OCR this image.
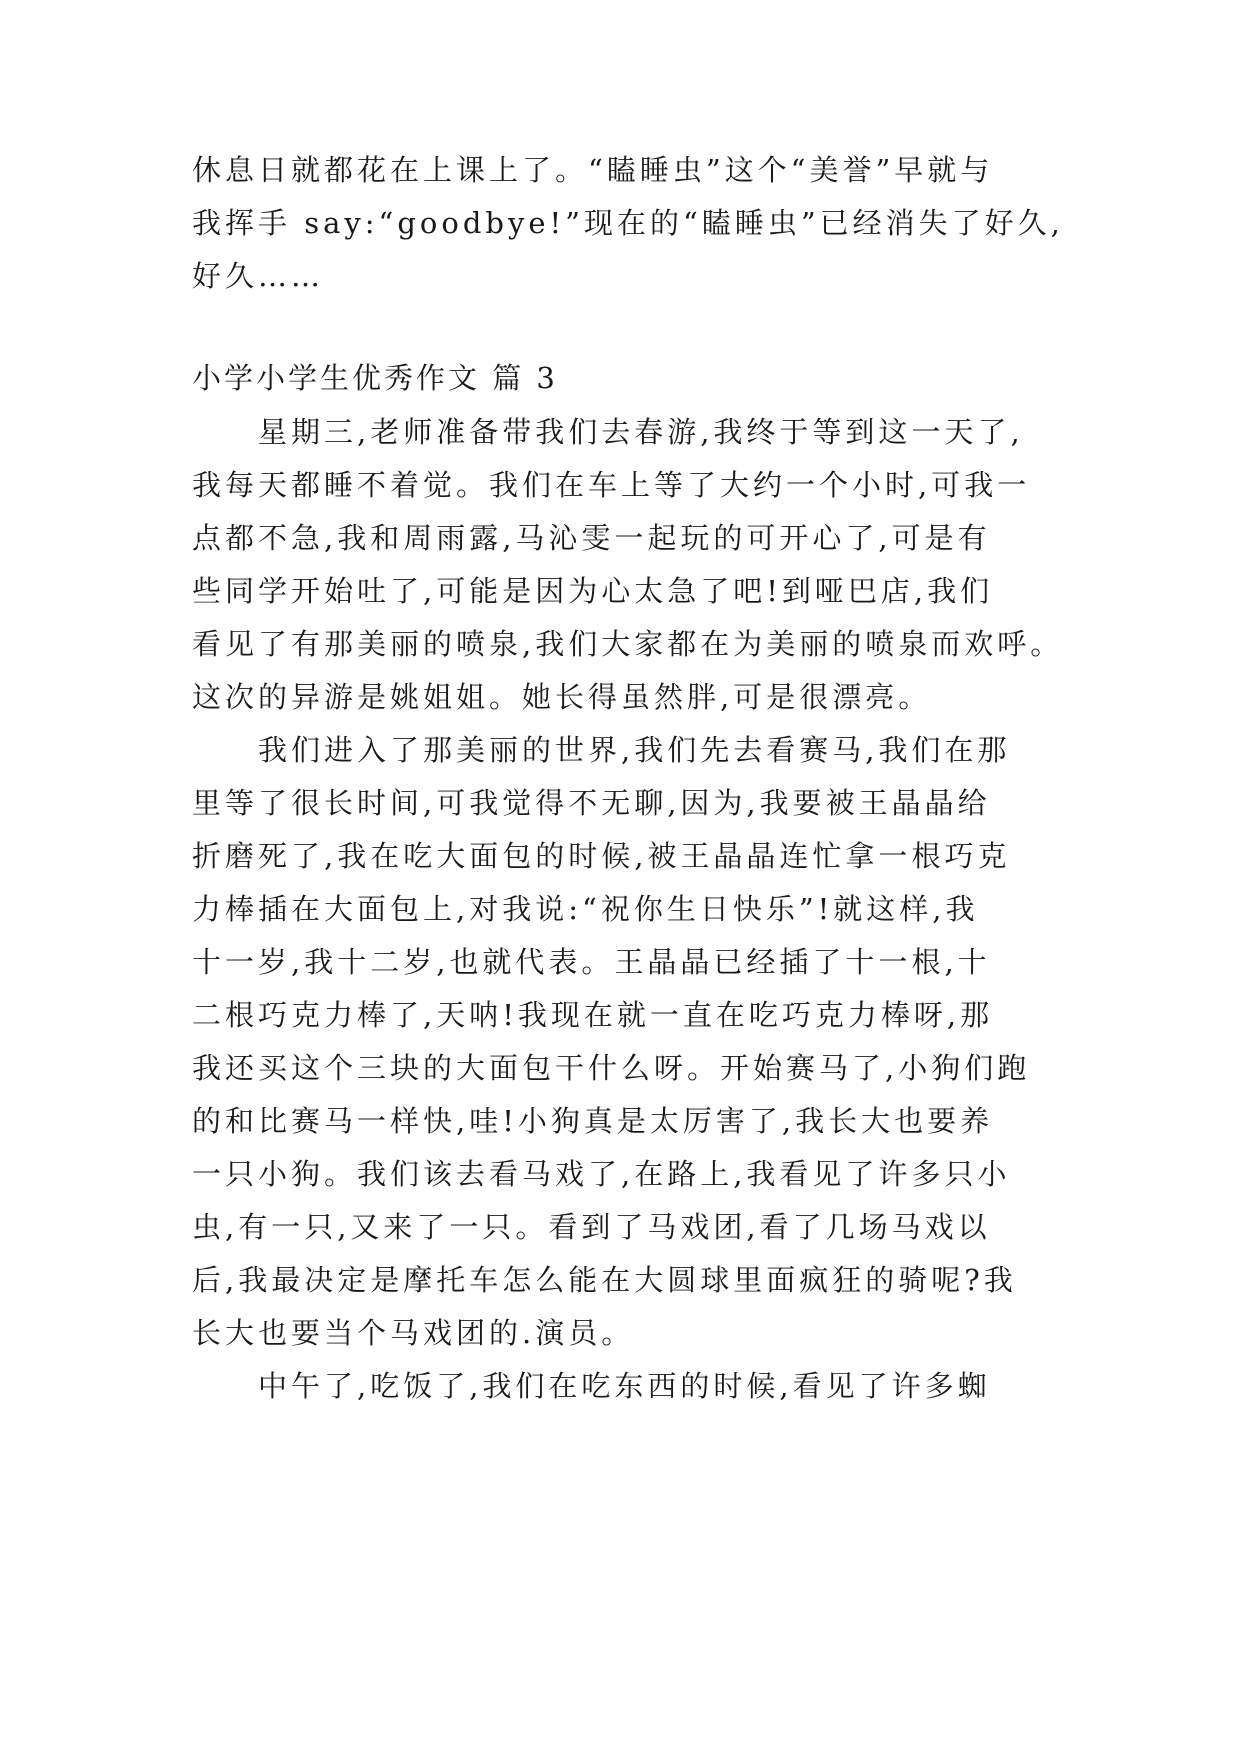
休息日就都花在上课上了。“瞌睡虫”这个“美誉”早就与
我挥手 say:“goodbye!”现在的“瞌睡虫”已经消失了好久,
好久……
小学小学生优秀作文 篇 3
星期三,老师准备带我们去春游,我终于等到这一天了,
我每天都睡不着觉。我们在车上等了大约一个小时,可我一
点都不急,我和周雨露,马沁雯一起玩的可开心了,可是有
些同学开始吐了,可能是因为心太急了吧!到哑巴店,我们
看见了有那美丽的喷泉,我们大家都在为美丽的喷泉而欢呼。
这次的异游是姚姐姐。她长得虽然胖,可是很漂亮。
我们进入了那美丽的世界,我们先去看赛马,我们在那
里等了很长时间,可我觉得不无聊,因为,我要被王晶晶给
折磨死了,我在吃大面包的时候,被王晶晶连忙拿一根巧克
力棒插在大面包上,对我说:“祝你生日快乐”!就这样,我
十一岁,我十二岁,也就代表。王晶晶已经插了十一根,十
二根巧克力棒了,天呐!我现在就一直在吃巧克力棒呀,那
我还买这个三块的大面包干什么呀。开始赛马了,小狗们跑
的和比赛马一样快,哇!小狗真是太厉害了,我长大也要养
一只小狗。我们该去看马戏了,在路上,我看见了许多只小
虫,有一只,又来了一只。看到了马戏团,看了几场马戏以
后,我最决定是摩托车怎么能在大圆球里面疯狂的骑呢?我
长大也要当个马戏团的.演员。
中午了,吃饭了,我们在吃东西的时候,看见了许多蜘
